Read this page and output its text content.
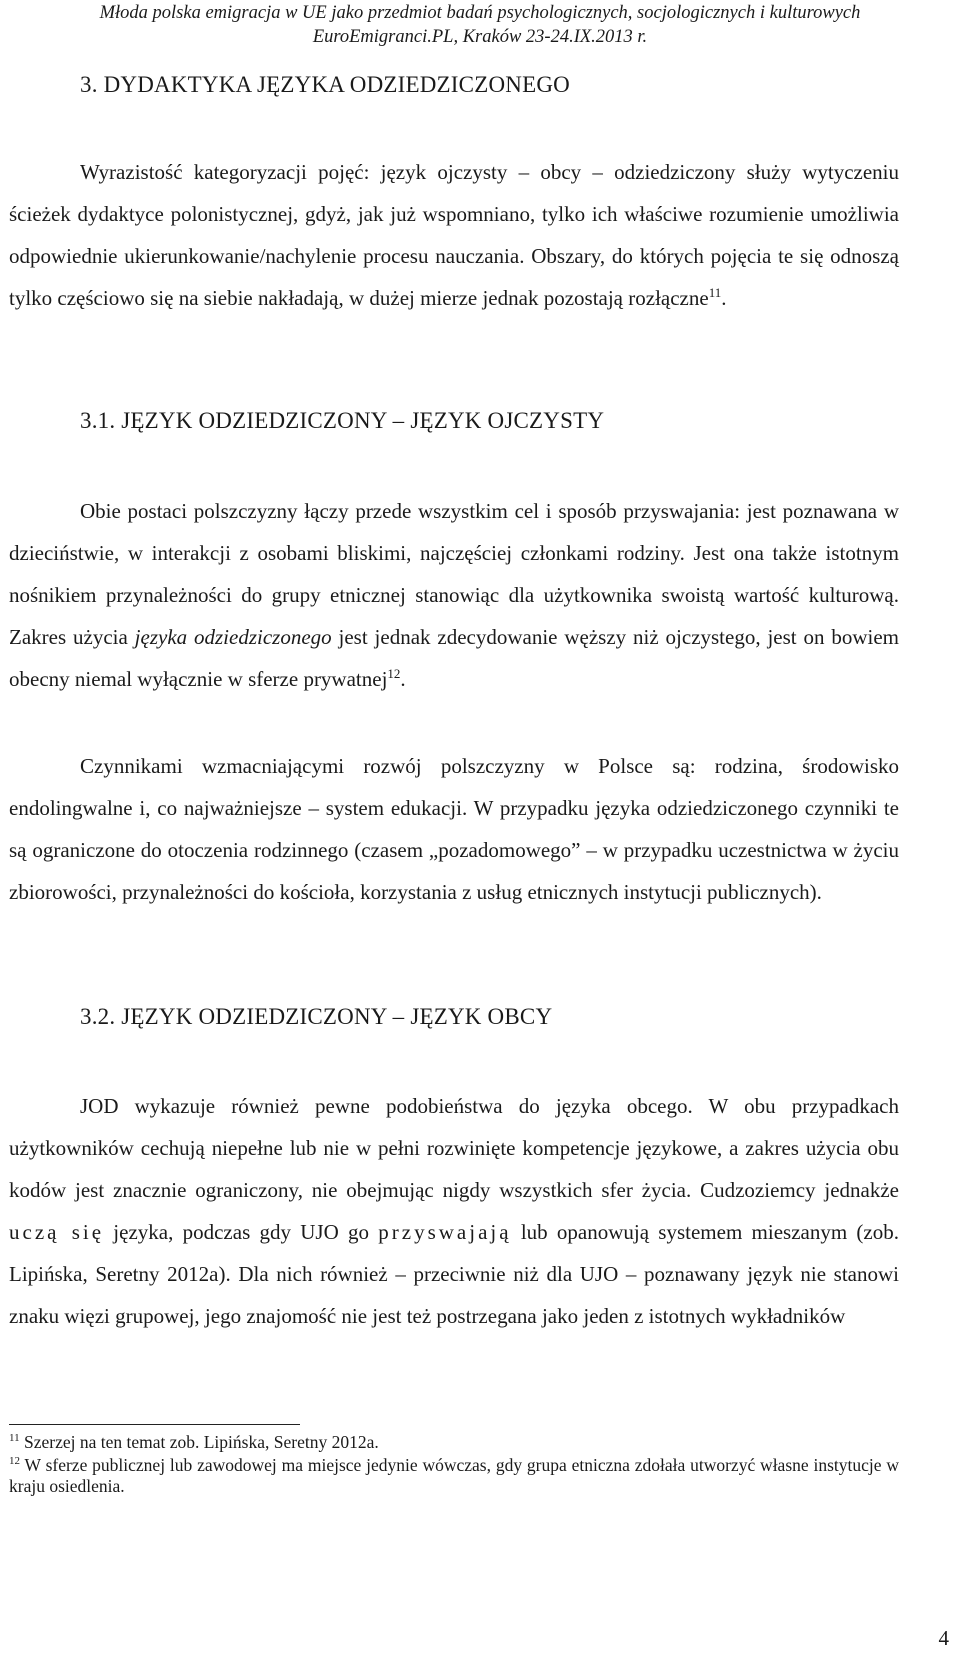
Młoda polska emigracja w UE jako przedmiot badań psychologicznych, socjologicznych i kulturowych
EuroEmigranci.PL, Kraków 23-24.IX.2013 r.
3. DYDAKTYKA JĘZYKA ODZIEDZICZONEGO

Wyrazistość kategoryzacji pojęć: język ojczysty – obcy – odziedziczony służy wytyczeniu ścieżek dydaktyce polonistycznej, gdyż, jak już wspomniano, tylko ich właściwe rozumienie umożliwia odpowiednie ukierunkowanie/nachylenie procesu nauczania. Obszary, do których pojęcia te się odnoszą tylko częściowo się na siebie nakładają, w dużej mierze jednak pozostają rozłączne$^{11}$.

3.1. JĘZYK ODZIEDZICZONY – JĘZYK OJCZYSTY

Obie postaci polszczyzny łączy przede wszystkim cel i sposób przyswajania: jest poznawana w dzieciństwie, w interakcji z osobami bliskimi, najczęściej członkami rodziny. Jest ona także istotnym nośnikiem przynależności do grupy etnicznej stanowiąc dla użytkownika swoistą wartość kulturową. Zakres użycia języka odziedziczonego jest jednak zdecydowanie węższy niż ojczystego, jest on bowiem obecny niemal wyłącznie w sferze prywatnej$^{12}$.

Czynnikami wzmacniającymi rozwój polszczyzny w Polsce są: rodzina, środowisko endolingwalne i, co najważniejsze – system edukacji. W przypadku języka odziedziczonego czynniki te są ograniczone do otoczenia rodzinnego (czasem „pozadomowego” – w przypadku uczestnictwa w życiu zbiorowości, przynależności do kościoła, korzystania z usług etnicznych instytucji publicznych).

3.2. JĘZYK ODZIEDZICZONY – JĘZYK OBCY

JOD wykazuje również pewne podobieństwa do języka obcego. W obu przypadkach użytkowników cechują niepełne lub nie w pełni rozwinięte kompetencje językowe, a zakres użycia obu kodów jest znacznie ograniczony, nie obejmując nigdy wszystkich sfer życia. Cudzoziemcy jednakże uczą się języka, podczas gdy UJO go przyswajają lub opanowują systemem mieszanym (zob. Lipińska, Seretny 2012a). Dla nich również – przeciwnie niż dla UJO – poznawany język nie stanowi znaku więzi grupowej, jego znajomość nie jest też postrzegana jako jeden z istotnych wykładników

$^{11}$ Szerzej na ten temat zob. Lipińska, Seretny 2012a.

$^{12}$ W sferze publicznej lub zawodowej ma miejsce jedynie wówczas, gdy grupa etniczna zdołała utworzyć własne instytucje w kraju osiedlenia.

4
